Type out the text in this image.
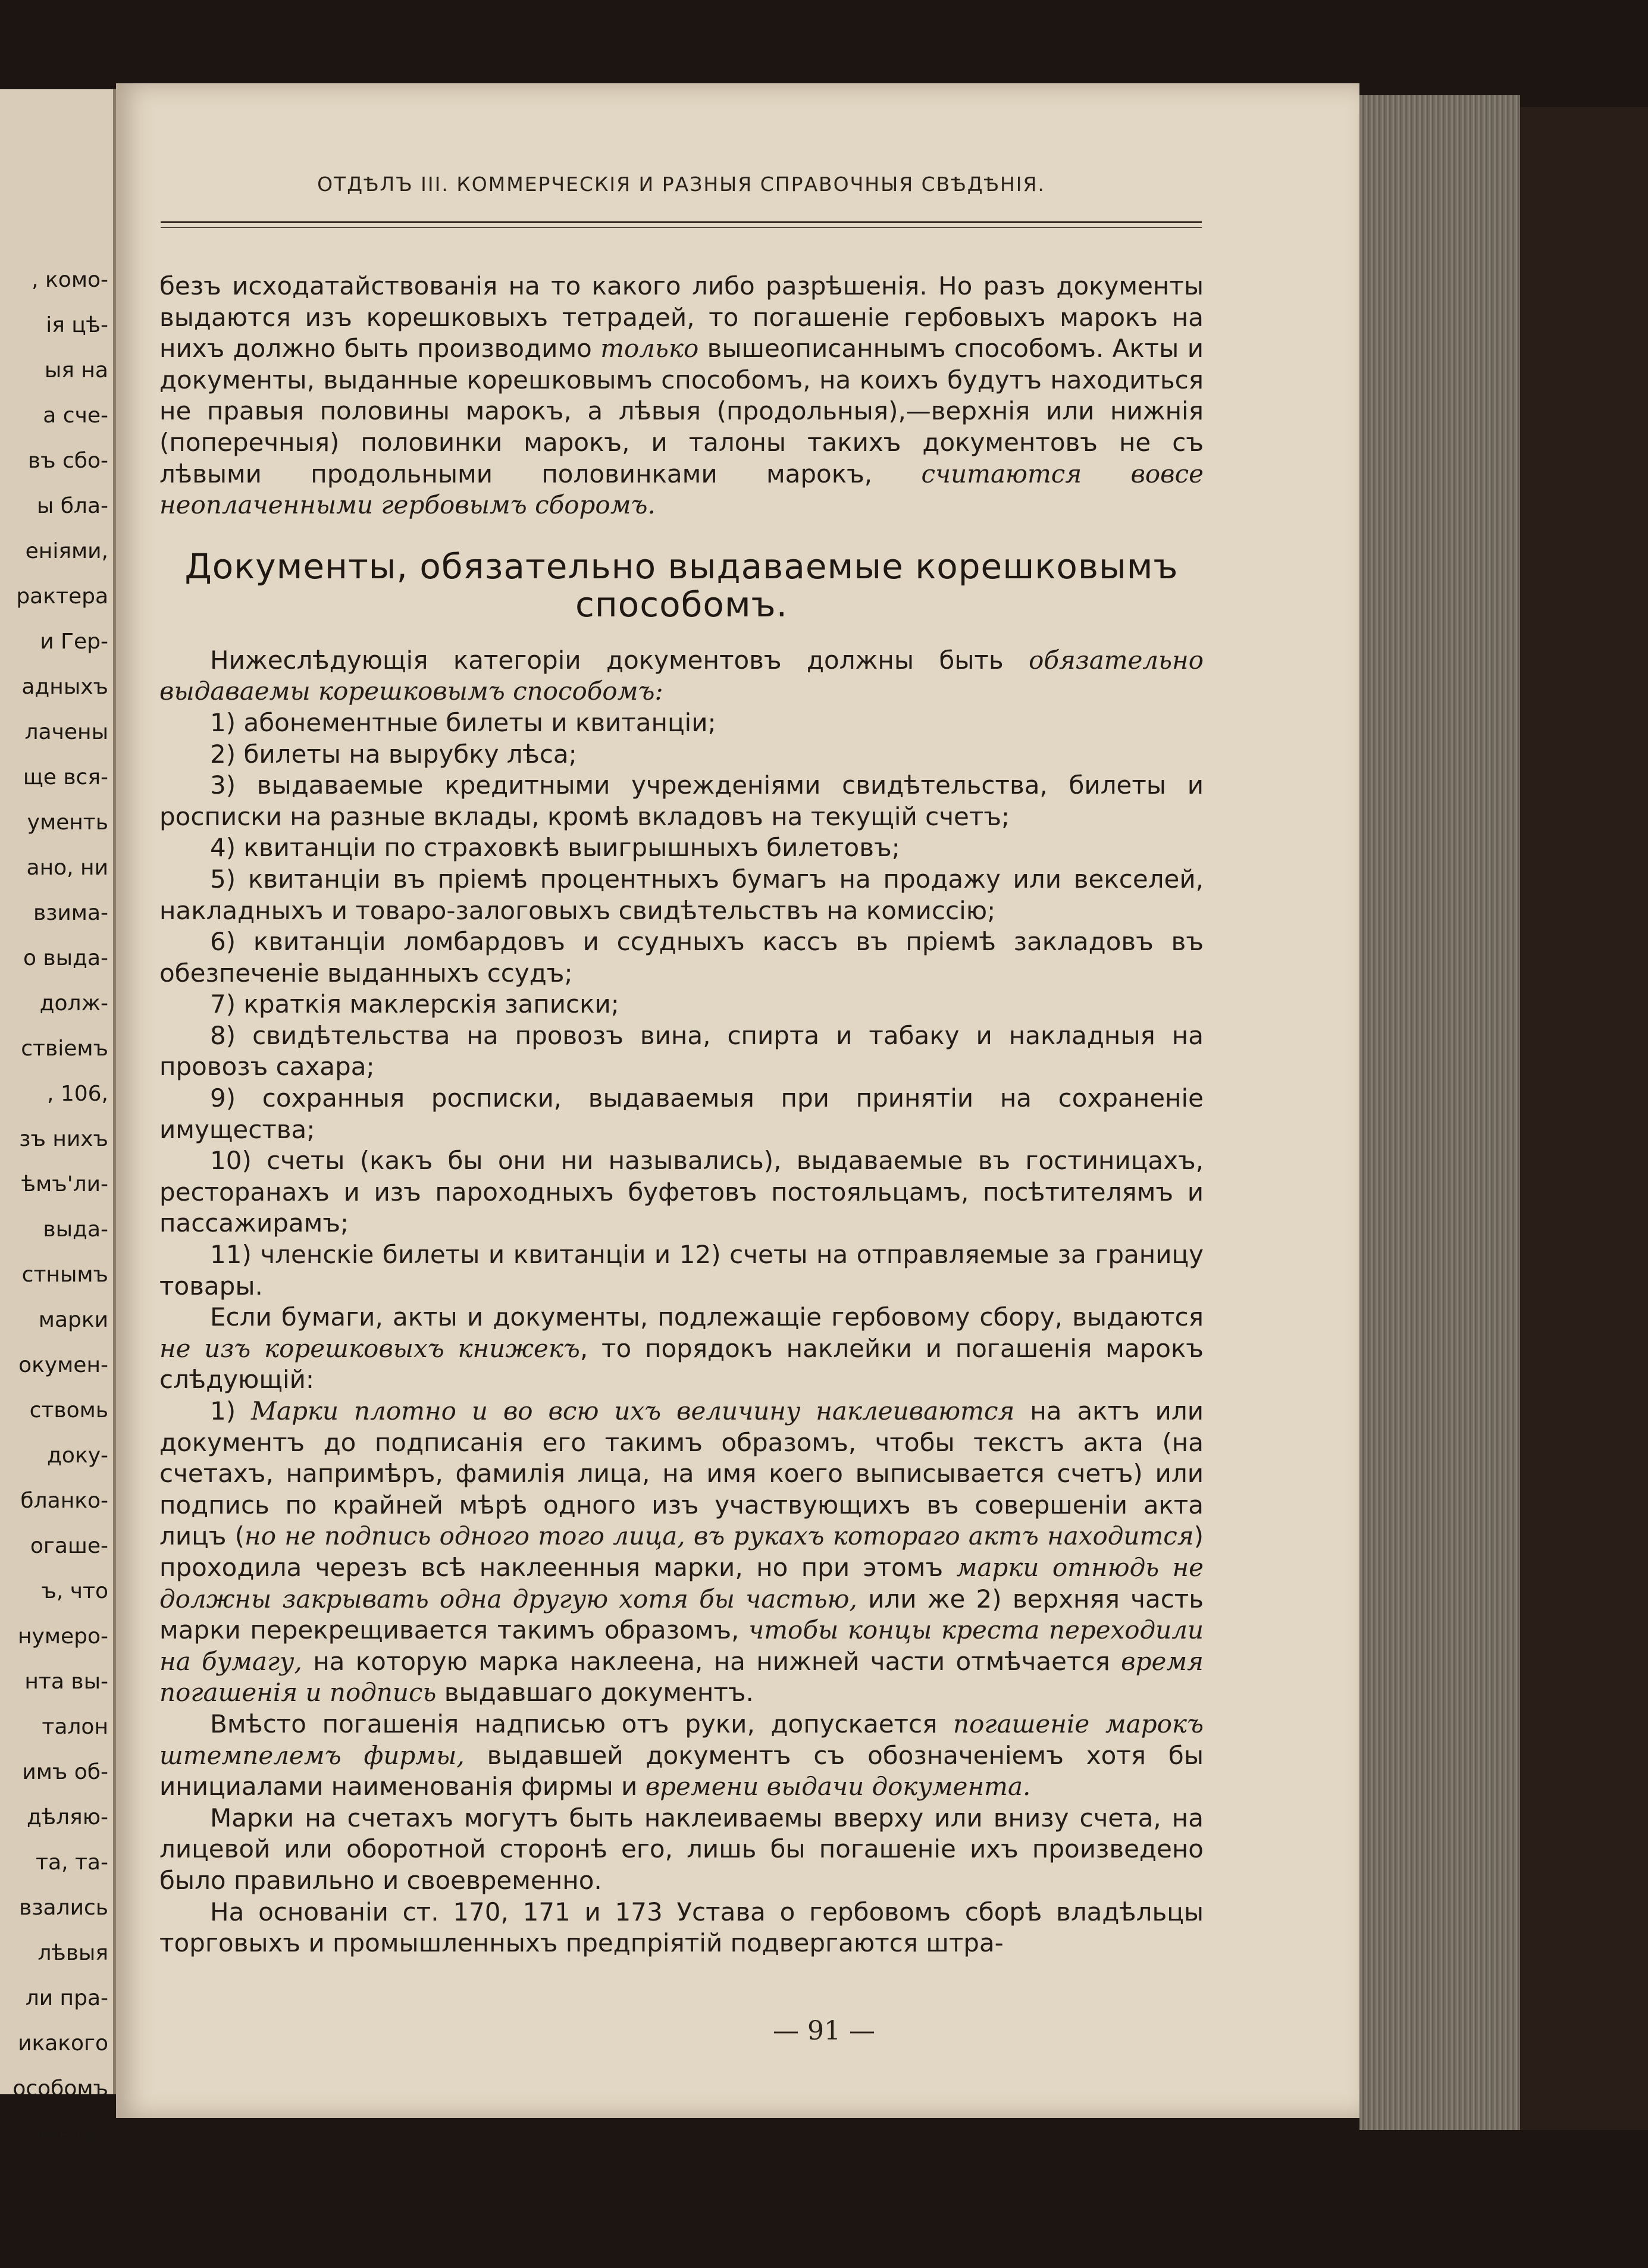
, комо-
ія цѣ-
ыя на
а сче-
въ сбо-
ы бла-
еніями,
рактера
и Гер-
адныхъ
лачены
ще вся-
ументь
ано, ни
взима-
о выда-
долж-
ствіемъ
, 106,
зъ нихъ
ѣмъ'ли-
выда-
стнымъ
марки
окумен-
ствомь
доку-
бланко-
огаше-
ъ, что
нумеро-
нта вы-
талон
имъ об-
дѣляю-
та, та-
взались
лѣвыя
ли пра-
икакого
особомъ
менты,
ОТДѢЛЪ III. КОММЕРЧЕСКІЯ И РАЗНЫЯ СПРАВОЧНЫЯ СВѢДѢНІЯ.

безъ исходатайствованія на то какого либо разрѣшенія. Но разъ документы выдаются изъ корешковыхъ тетрадей, то погашеніе гербовыхъ марокъ на нихъ должно быть производимо только вышеописаннымъ способомъ. Акты и документы, выданные корешковымъ способомъ, на коихъ будутъ находиться не правыя половины марокъ, а лѣвыя (продольныя),—верхнія или нижнія (поперечныя) половинки марокъ, и талоны такихъ документовъ не съ лѣвыми продольными половинками марокъ, считаются вовсе неоплаченными гербовымъ сборомъ.

Документы, обязательно выдаваемые корешковымъ способомъ.

Нижеслѣдующія категоріи документовъ должны быть обязательно выдаваемы корешковымъ способомъ:

1) абонементные билеты и квитанціи;

2) билеты на вырубку лѣса;

3) выдаваемые кредитными учрежденіями свидѣтельства, билеты и росписки на разные вклады, кромѣ вкладовъ на текущій счетъ;

4) квитанціи по страховкѣ выигрышныхъ билетовъ;

5) квитанціи въ пріемѣ процентныхъ бумагъ на продажу или векселей, накладныхъ и товаро-залоговыхъ свидѣтельствъ на комиссію;

6) квитанціи ломбардовъ и ссудныхъ кассъ въ пріемѣ закладовъ въ обезпеченіе выданныхъ ссудъ;

7) краткія маклерскія записки;

8) свидѣтельства на провозъ вина, спирта и табаку и накладныя на провозъ сахара;

9) сохранныя росписки, выдаваемыя при принятіи на сохраненіе имущества;

10) счеты (какъ бы они ни назывались), выдаваемые въ гостиницахъ, ресторанахъ и изъ пароходныхъ буфетовъ постояльцамъ, посѣтителямъ и пассажирамъ;

11) членскіе билеты и квитанціи и 12) счеты на отправляемые за границу товары.

Если бумаги, акты и документы, подлежащіе гербовому сбору, выдаются не изъ корешковыхъ книжекъ, то порядокъ наклейки и погашенія марокъ слѣдующій:

1) Марки плотно и во всю ихъ величину наклеиваются на актъ или документъ до подписанія его такимъ образомъ, чтобы текстъ акта (на счетахъ, напримѣръ, фамилія лица, на имя коего выписывается счетъ) или подпись по крайней мѣрѣ одного изъ участвующихъ въ совершеніи акта лицъ (но не подпись одного того лица, въ рукахъ котораго актъ находится) проходила черезъ всѣ наклеенныя марки, но при этомъ марки отнюдь не должны закрывать одна другую хотя бы частью, или же 2) верхняя часть марки перекрещивается такимъ образомъ, чтобы концы креста переходили на бумагу, на которую марка наклеена, на нижней части отмѣчается время погашенія и подпись выдавшаго документъ.

Вмѣсто погашенія надписью отъ руки, допускается погашеніе марокъ штемпелемъ фирмы, выдавшей документъ съ обозначеніемъ хотя бы инициалами наименованія фирмы и времени выдачи документа.

Марки на счетахъ могутъ быть наклеиваемы вверху или внизу счета, на лицевой или оборотной сторонѣ его, лишь бы погашеніе ихъ произведено было правильно и своевременно.

На основаніи ст. 170, 171 и 173 Устава о гербовомъ сборѣ владѣльцы торговыхъ и промышленныхъ предпріятій подвергаются штра-

— 91 —
